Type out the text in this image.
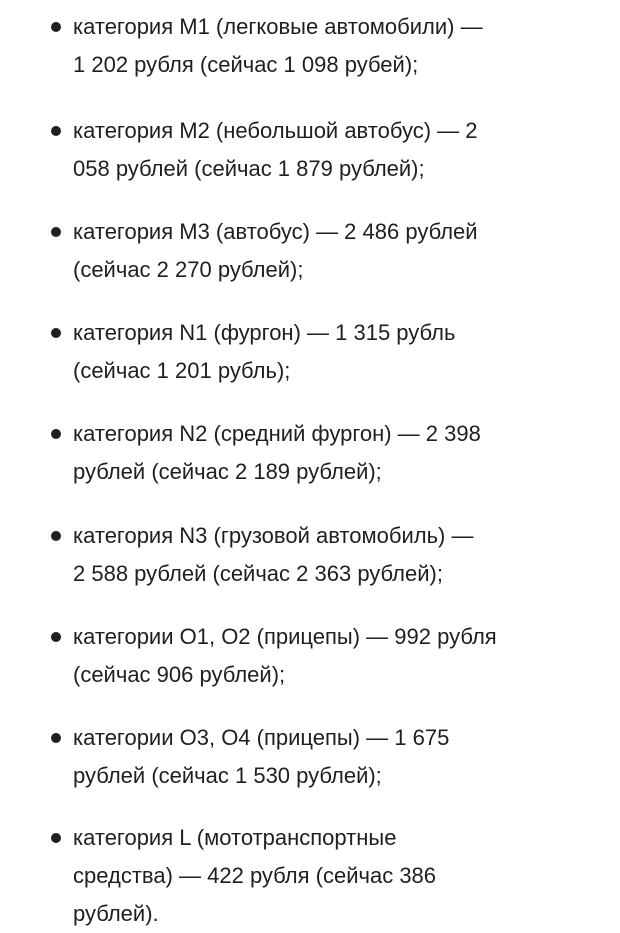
категория M1 (легковые автомобили) —
1 202 рубля (сейчас 1 098 рубей);
категория M2 (небольшой автобус) — 2
058 рублей (сейчас 1 879 рублей);
категория M3 (автобус) — 2 486 рублей
(сейчас 2 270 рублей);
категория N1 (фургон) — 1 315 рубль
(сейчас 1 201 рубль);
категория N2 (средний фургон) — 2 398
рублей (сейчас 2 189 рублей);
категория N3 (грузовой автомобиль) —
2 588 рублей (сейчас 2 363 рублей);
категории O1, O2 (прицепы) — 992 рубля
(сейчас 906 рублей);
категории O3, O4 (прицепы) — 1 675
рублей (сейчас 1 530 рублей);
категория L (мототранспортные
средства) — 422 рубля (сейчас 386
рублей).
